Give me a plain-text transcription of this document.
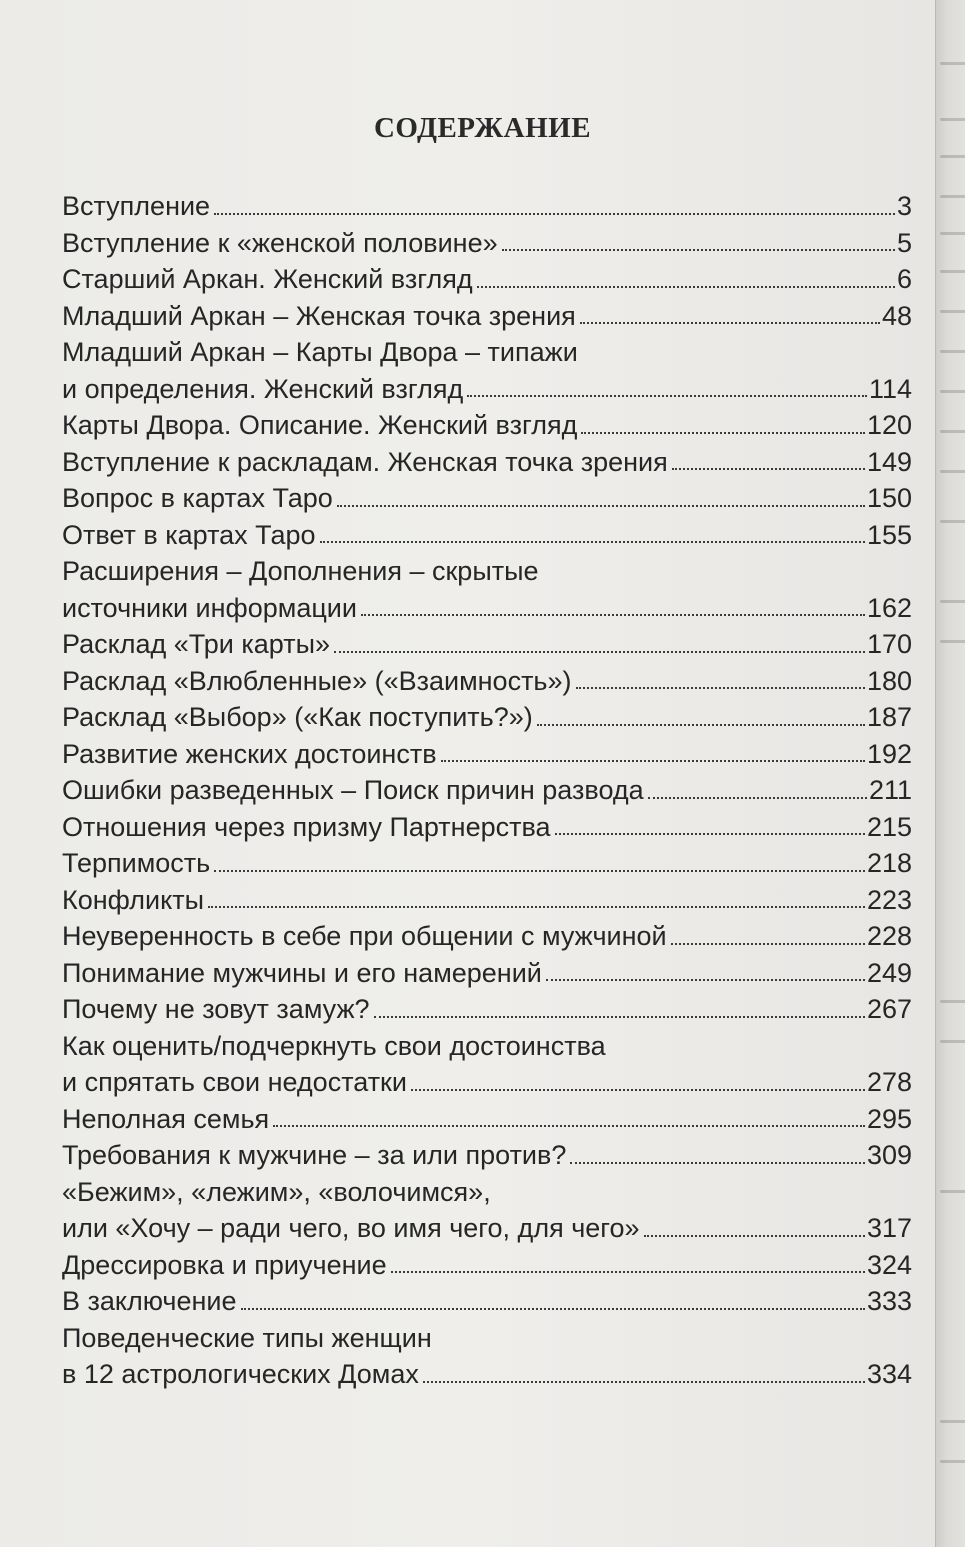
СОДЕРЖАНИЕ
Вступление	3
Вступление к «женской половине»	5
Старший Аркан. Женский взгляд	6
Младший Аркан – Женская точка зрения	48
Младший Аркан – Карты Двора – типажи
и определения. Женский взгляд	114
Карты Двора. Описание. Женский взгляд	120
Вступление к раскладам. Женская точка зрения	149
Вопрос в картах Таро	150
Ответ в картах Таро	155
Расширения – Дополнения – скрытые
источники информации	162
Расклад «Три карты»	170
Расклад «Влюбленные» («Взаимность»)	180
Расклад «Выбор» («Как поступить?»)	187
Развитие женских достоинств	192
Ошибки разведенных – Поиск причин развода	211
Отношения через призму Партнерства	215
Терпимость	218
Конфликты	223
Неуверенность в себе при общении с мужчиной	228
Понимание мужчины и его намерений	249
Почему не зовут замуж?	267
Как оценить/подчеркнуть свои достоинства
и спрятать свои недостатки	278
Неполная семья	295
Требования к мужчине – за или против?	309
«Бежим», «лежим», «волочимся»,
или «Хочу – ради чего, во имя чего, для чего»	317
Дрессировка и приучение	324
В заключение	333
Поведенческие типы женщин
в 12 астрологических Домах	334
